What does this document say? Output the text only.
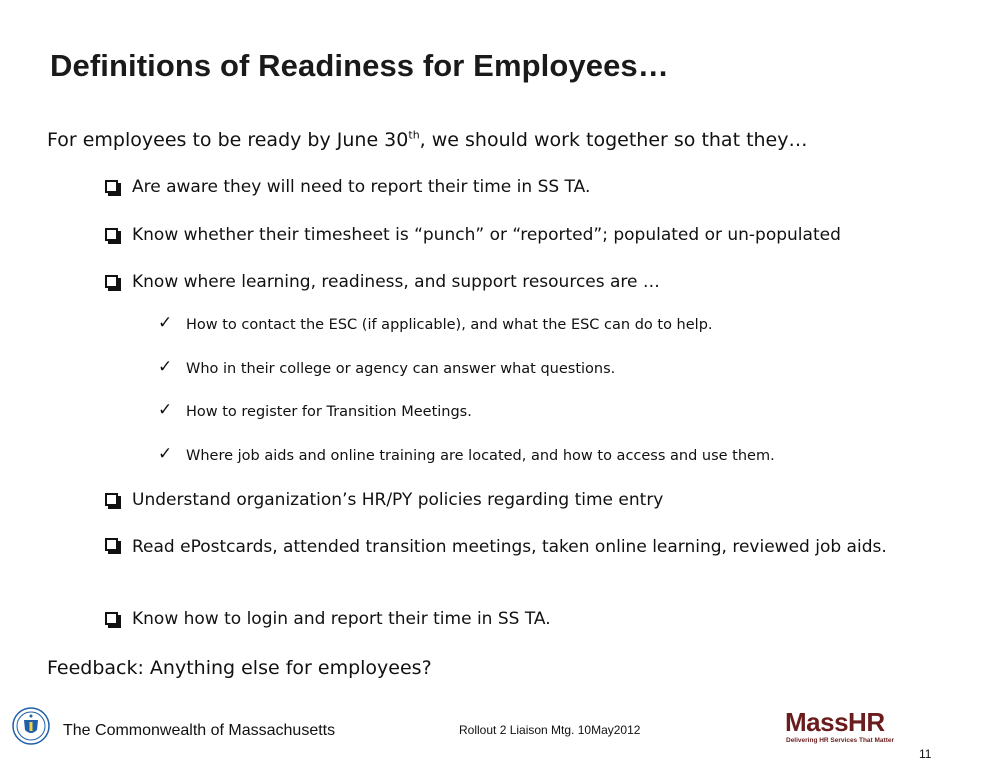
Definitions of Readiness for Employees…
For employees to be ready by June 30th, we should work together so that they…
Are aware they will need to report their time in SS TA.
Know whether their timesheet is “punch” or “reported”; populated or un-populated
Know where learning, readiness, and support resources are …
✓ How to contact the ESC (if applicable), and what the ESC can do to help.
✓ Who in their college or agency can answer what questions.
✓ How to register for Transition Meetings.
✓ Where job aids and online training are located, and how to access and use them.
Understand organization’s HR/PY policies regarding time entry
Read ePostcards, attended transition meetings, taken online learning, reviewed job aids.
Know how to login and report their time in SS TA.
Feedback: Anything else for employees?
The Commonwealth of Massachusetts	Rollout 2 Liaison Mtg. 10May2012	MassHR
Delivering HR Services That Matter
11
